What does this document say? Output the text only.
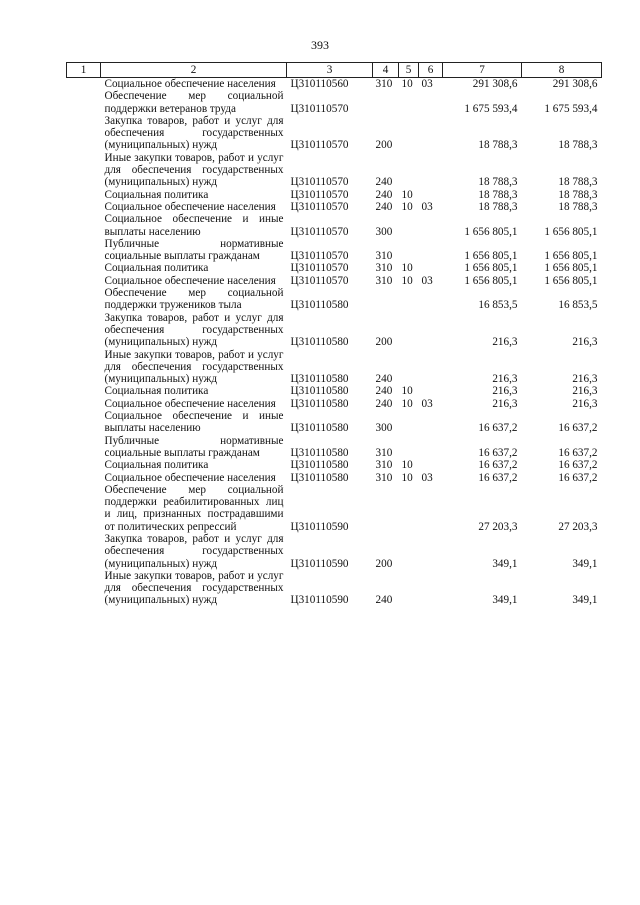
393
1	2	3	4	5	6	7	8
	Социальное обеспечение населения	Ц310110560	310	10	03	291 308,6	291 308,6
	Обеспечение мер социальной поддержки ветеранов труда	Ц310110570				1 675 593,4	1 675 593,4
	Закупка товаров, работ и услуг для обеспечения государственных (муниципальных) нужд	Ц310110570	200			18 788,3	18 788,3
	Иные закупки товаров, работ и услуг для обеспечения государственных (муниципальных) нужд	Ц310110570	240			18 788,3	18 788,3
	Социальная политика	Ц310110570	240	10		18 788,3	18 788,3
	Социальное обеспечение населения	Ц310110570	240	10	03	18 788,3	18 788,3
	Социальное обеспечение и иные выплаты населению	Ц310110570	300			1 656 805,1	1 656 805,1
	Публичные нормативные социальные выплаты гражданам	Ц310110570	310			1 656 805,1	1 656 805,1
	Социальная политика	Ц310110570	310	10		1 656 805,1	1 656 805,1
	Социальное обеспечение населения	Ц310110570	310	10	03	1 656 805,1	1 656 805,1
	Обеспечение мер социальной поддержки тружеников тыла	Ц310110580				16 853,5	16 853,5
	Закупка товаров, работ и услуг для обеспечения государственных (муниципальных) нужд	Ц310110580	200			216,3	216,3
	Иные закупки товаров, работ и услуг для обеспечения государственных (муниципальных) нужд	Ц310110580	240			216,3	216,3
	Социальная политика	Ц310110580	240	10		216,3	216,3
	Социальное обеспечение населения	Ц310110580	240	10	03	216,3	216,3
	Социальное обеспечение и иные выплаты населению	Ц310110580	300			16 637,2	16 637,2
	Публичные нормативные социальные выплаты гражданам	Ц310110580	310			16 637,2	16 637,2
	Социальная политика	Ц310110580	310	10		16 637,2	16 637,2
	Социальное обеспечение населения	Ц310110580	310	10	03	16 637,2	16 637,2
	Обеспечение мер социальной поддержки реабилитированных лиц и лиц, признанных пострадавшими от политических репрессий	Ц310110590				27 203,3	27 203,3
	Закупка товаров, работ и услуг для обеспечения государственных (муниципальных) нужд	Ц310110590	200			349,1	349,1
	Иные закупки товаров, работ и услуг для обеспечения государственных (муниципальных) нужд	Ц310110590	240			349,1	349,1
